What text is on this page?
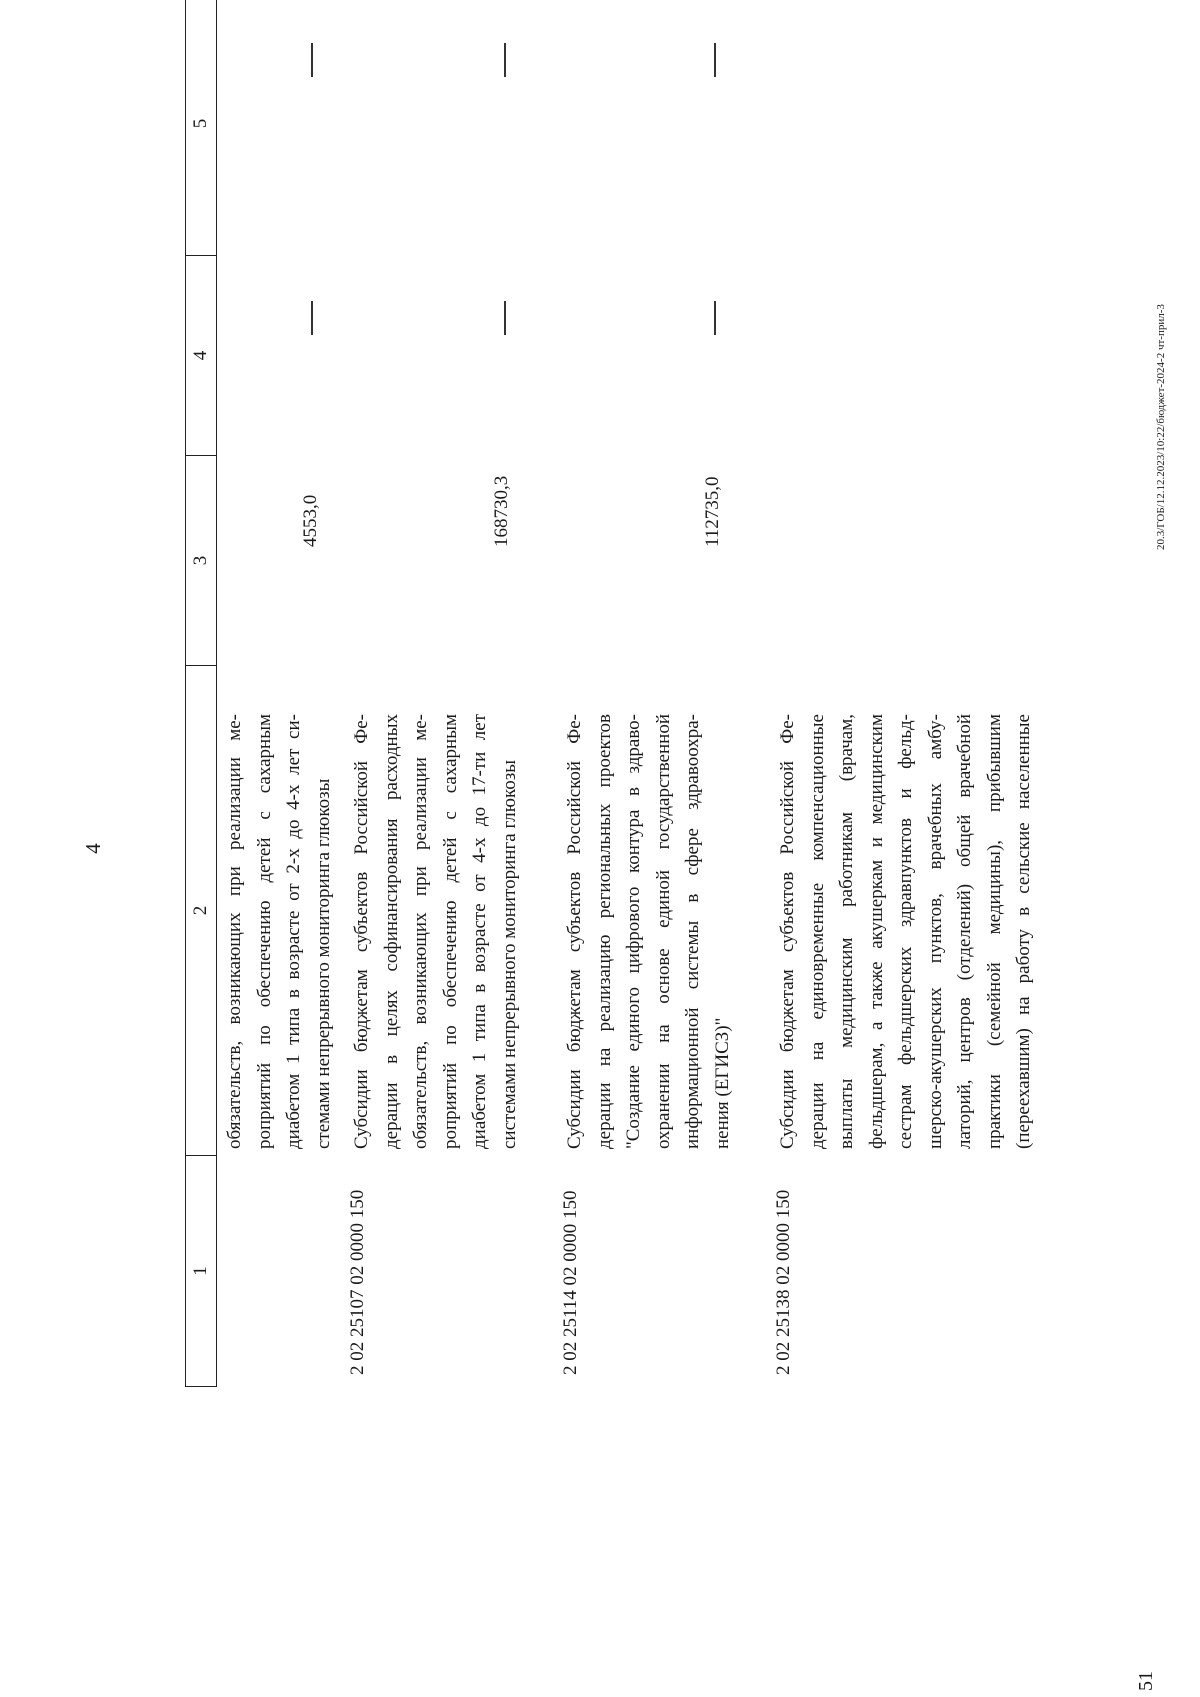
4
1
2
3
4
5
обязательств, возникающих при реализации ме- роприятий по обеспечению детей с сахарным диабетом 1 типа в возрасте от 2-х до 4-х лет си- стемами непрерывного мониторинга глюкозы
4553,0
2 02 25107 02 0000 150
Субсидии бюджетам субъектов Российской Фе- дерации в целях софинансирования расходных обязательств, возникающих при реализации ме- роприятий по обеспечению детей с сахарным диабетом 1 типа в возрасте от 4-х до 17-ти лет системами непрерывного мониторинга глюкозы
168730,3
2 02 25114 02 0000 150
Субсидии бюджетам субъектов Российской Фе- дерации на реализацию региональных проектов "Создание единого цифрового контура в здраво- охранении на основе единой государственной информационной системы в сфере здравоохра- нения (ЕГИСЗ)"
112735,0
2 02 25138 02 0000 150
Субсидии бюджетам субъектов Российской Фе- дерации на единовременные компенсационные выплаты медицинским работникам (врачам, фельдшерам, а также акушеркам и медицинским сестрам фельдшерских здравпунктов и фельд- шерско-акушерских пунктов, врачебных амбу- латорий, центров (отделений) общей врачебной практики (семейной медицины), прибывшим (переехавшим) на работу в сельские населенные
20.3/ГОБ/12.12.2023/10:22/бюджет-2024-2 чт-прил-3
51
